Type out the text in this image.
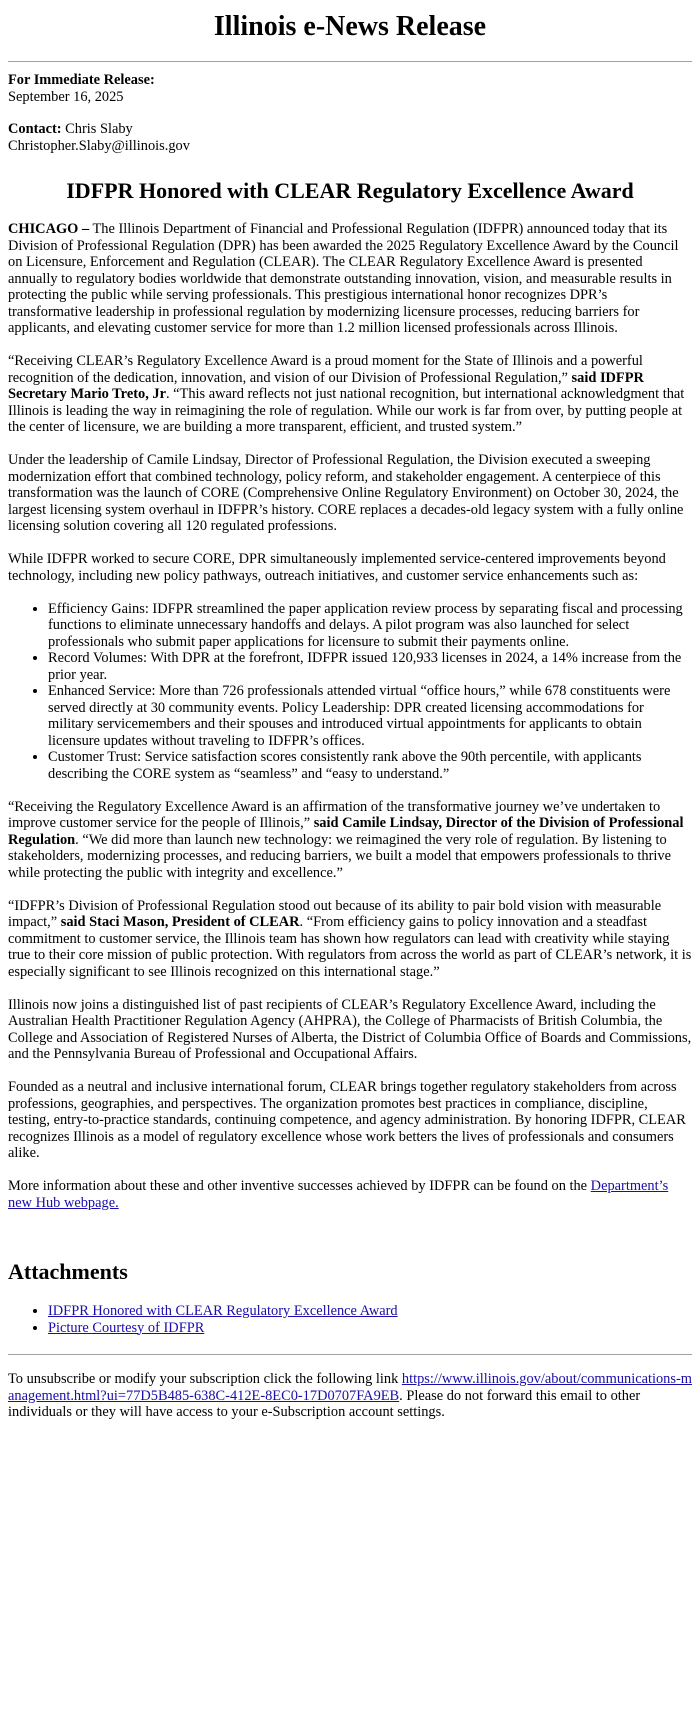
Illinois e-News Release

For Immediate Release:

September 16, 2025

Contact: Chris Slaby

Christopher.Slaby@illinois.gov

IDFPR Honored with CLEAR Regulatory Excellence Award

CHICAGO – The Illinois Department of Financial and Professional Regulation (IDFPR) announced today that its Division of Professional Regulation (DPR) has been awarded the 2025 Regulatory Excellence Award by the Council on Licensure, Enforcement and Regulation (CLEAR). The CLEAR Regulatory Excellence Award is presented annually to regulatory bodies worldwide that demonstrate outstanding innovation, vision, and measurable results in protecting the public while serving professionals. This prestigious international honor recognizes DPR’s transformative leadership in professional regulation by modernizing licensure processes, reducing barriers for applicants, and elevating customer service for more than 1.2 million licensed professionals across Illinois.

“Receiving CLEAR’s Regulatory Excellence Award is a proud moment for the State of Illinois and a powerful recognition of the dedication, innovation, and vision of our Division of Professional Regulation,” said IDFPR Secretary Mario Treto, Jr. “This award reflects not just national recognition, but international acknowledgment that Illinois is leading the way in reimagining the role of regulation. While our work is far from over, by putting people at the center of licensure, we are building a more transparent, efficient, and trusted system.”

Under the leadership of Camile Lindsay, Director of Professional Regulation, the Division executed a sweeping modernization effort that combined technology, policy reform, and stakeholder engagement. A centerpiece of this transformation was the launch of CORE (Comprehensive Online Regulatory Environment) on October 30, 2024, the largest licensing system overhaul in IDFPR’s history. CORE replaces a decades-old legacy system with a fully online licensing solution covering all 120 regulated professions.

While IDFPR worked to secure CORE, DPR simultaneously implemented service-centered improvements beyond technology, including new policy pathways, outreach initiatives, and customer service enhancements such as:

• Efficiency Gains: IDFPR streamlined the paper application review process by separating fiscal and processing functions to eliminate unnecessary handoffs and delays. A pilot program was also launched for select professionals who submit paper applications for licensure to submit their payments online.
• Record Volumes: With DPR at the forefront, IDFPR issued 120,933 licenses in 2024, a 14% increase from the prior year.
• Enhanced Service: More than 726 professionals attended virtual “office hours,” while 678 constituents were served directly at 30 community events. Policy Leadership: DPR created licensing accommodations for military servicemembers and their spouses and introduced virtual appointments for applicants to obtain licensure updates without traveling to IDFPR’s offices.
• Customer Trust: Service satisfaction scores consistently rank above the 90th percentile, with applicants describing the CORE system as “seamless” and “easy to understand.”

“Receiving the Regulatory Excellence Award is an affirmation of the transformative journey we’ve undertaken to improve customer service for the people of Illinois,” said Camile Lindsay, Director of the Division of Professional Regulation. “We did more than launch new technology: we reimagined the very role of regulation. By listening to stakeholders, modernizing processes, and reducing barriers, we built a model that empowers professionals to thrive while protecting the public with integrity and excellence.”

“IDFPR’s Division of Professional Regulation stood out because of its ability to pair bold vision with measurable impact,” said Staci Mason, President of CLEAR. “From efficiency gains to policy innovation and a steadfast commitment to customer service, the Illinois team has shown how regulators can lead with creativity while staying true to their core mission of public protection. With regulators from across the world as part of CLEAR’s network, it is especially significant to see Illinois recognized on this international stage.”

Illinois now joins a distinguished list of past recipients of CLEAR’s Regulatory Excellence Award, including the Australian Health Practitioner Regulation Agency (AHPRA), the College of Pharmacists of British Columbia, the College and Association of Registered Nurses of Alberta, the District of Columbia Office of Boards and Commissions, and the Pennsylvania Bureau of Professional and Occupational Affairs.

Founded as a neutral and inclusive international forum, CLEAR brings together regulatory stakeholders from across professions, geographies, and perspectives. The organization promotes best practices in compliance, discipline, testing, entry-to-practice standards, continuing competence, and agency administration. By honoring IDFPR, CLEAR recognizes Illinois as a model of regulatory excellence whose work betters the lives of professionals and consumers alike.

More information about these and other inventive successes achieved by IDFPR can be found on the Department’s new Hub webpage.

Attachments
• IDFPR Honored with CLEAR Regulatory Excellence Award
• Picture Courtesy of IDFPR

To unsubscribe or modify your subscription click the following link https://www.illinois.gov/about/communications-management.html?ui=77D5B485-638C-412E-8EC0-17D0707FA9EB. Please do not forward this email to other individuals or they will have access to your e-Subscription account settings.
